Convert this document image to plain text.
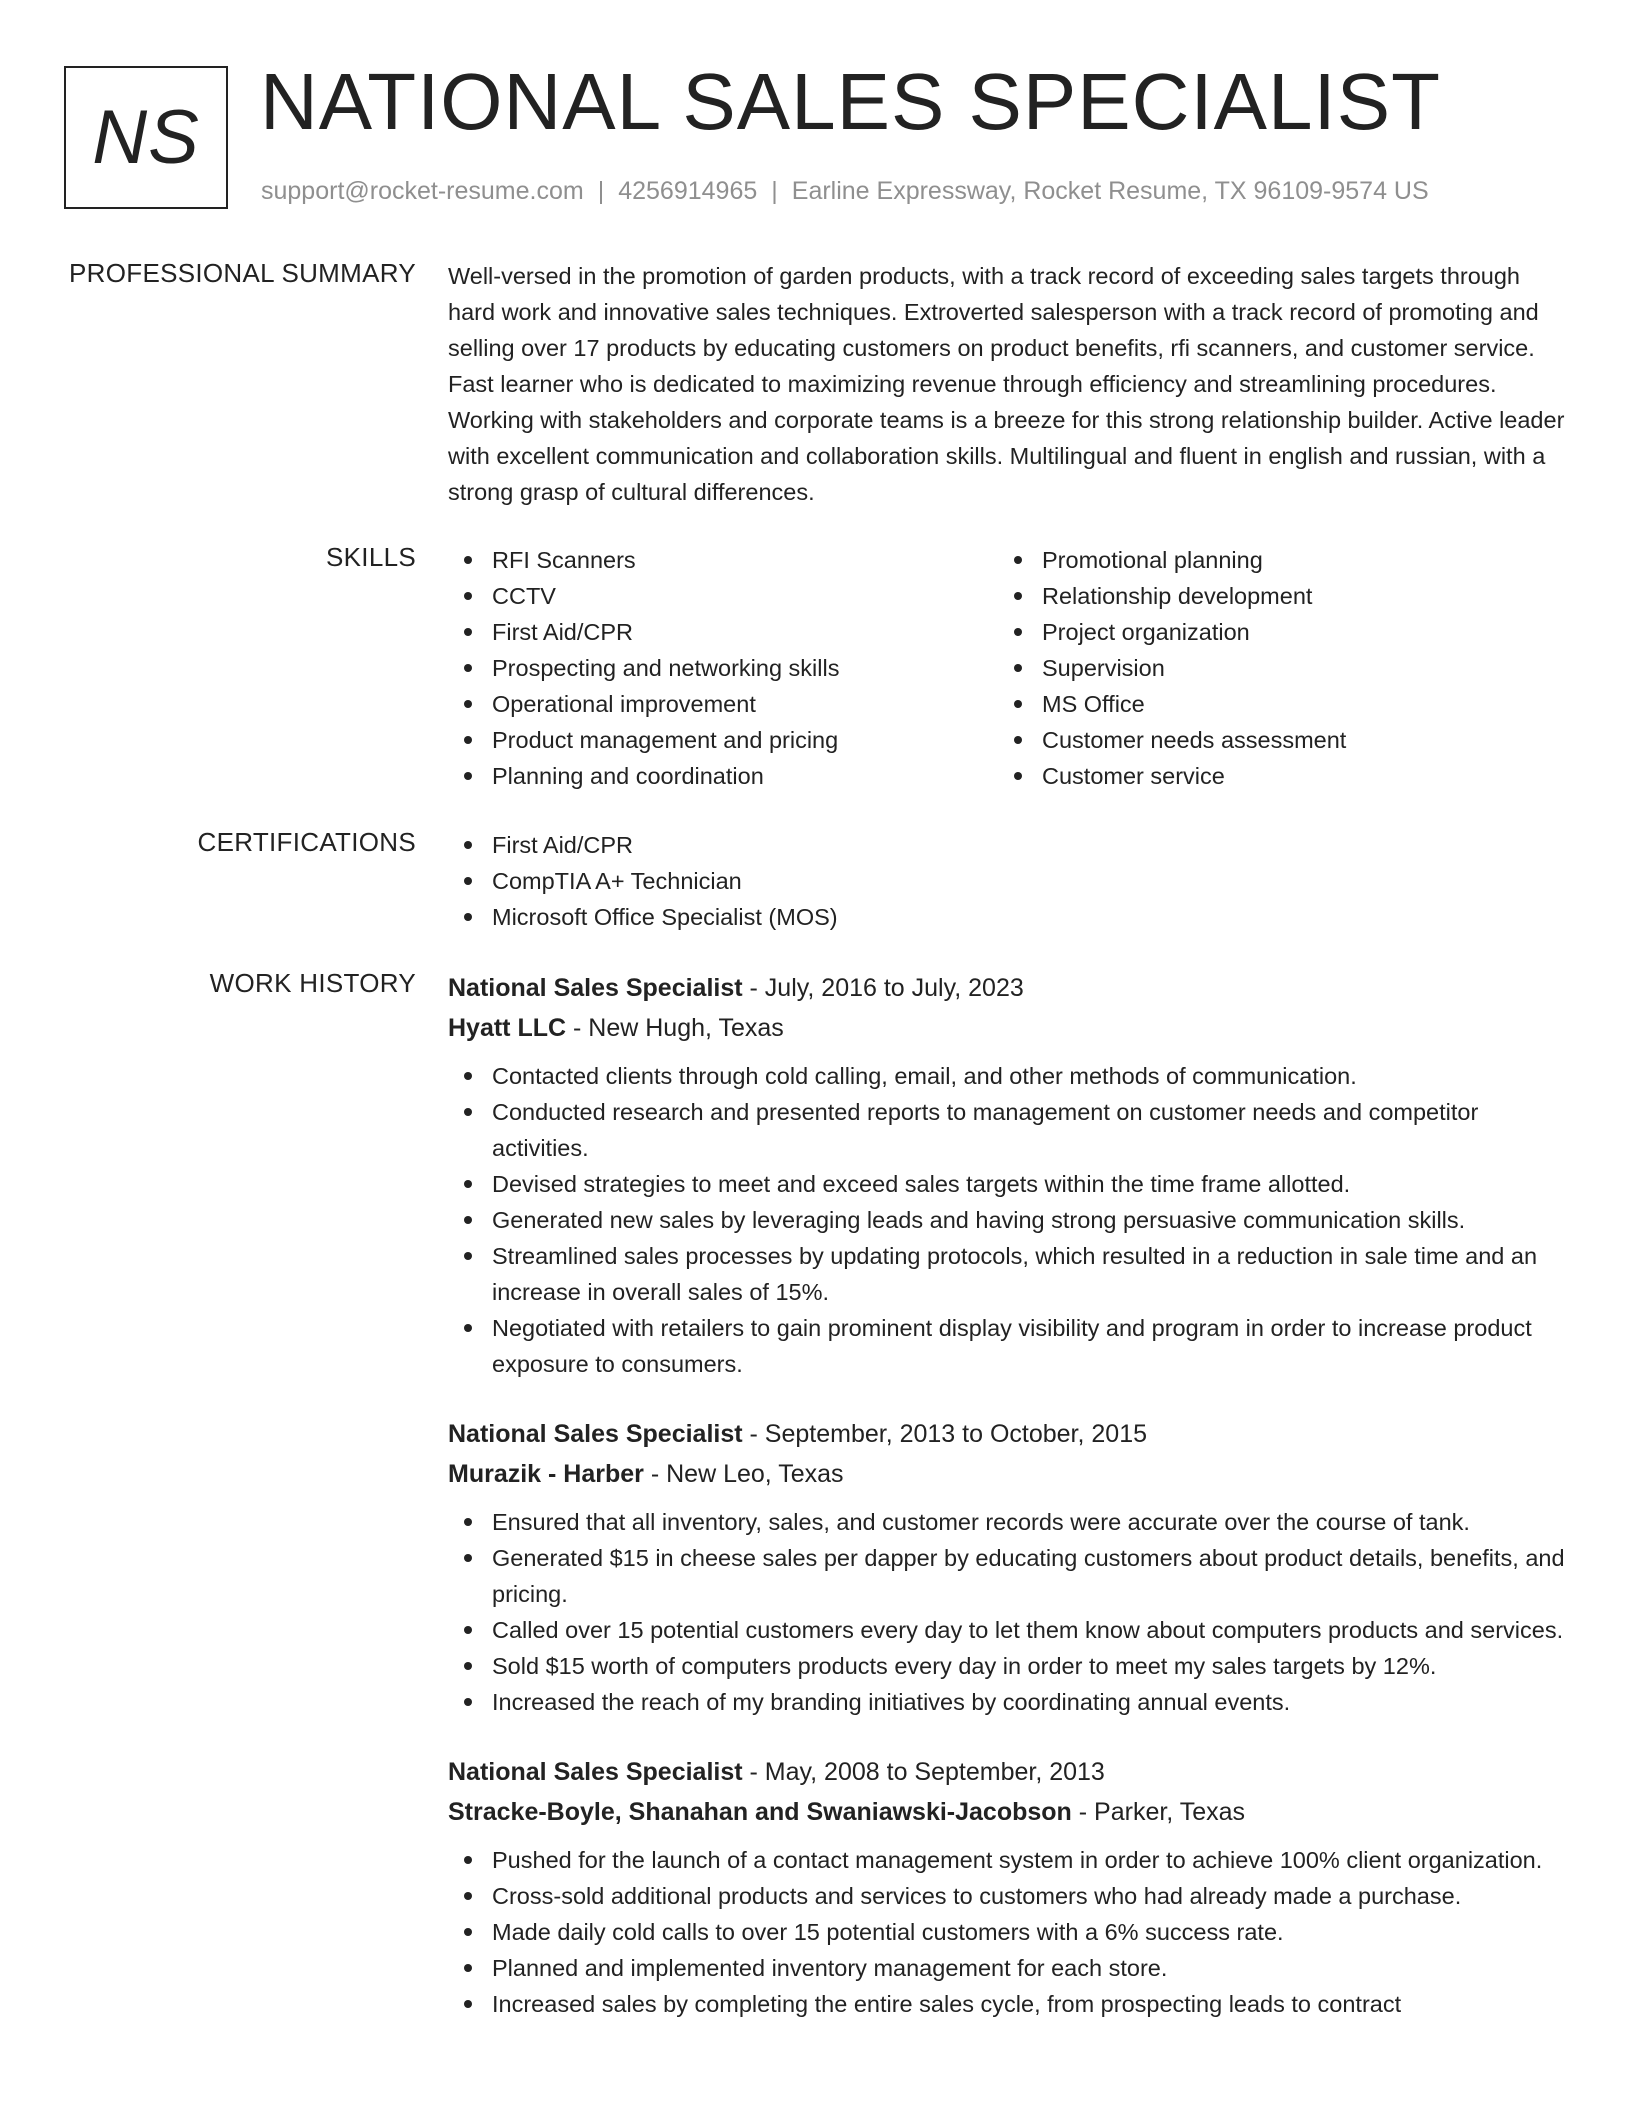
NS NATIONAL SALES SPECIALIST
support@rocket-resume.com | 4256914965 | Earline Expressway, Rocket Resume, TX 96109-9574 US
PROFESSIONAL SUMMARY Well-versed in the promotion of garden products, with a track record of exceeding sales targets through hard work and innovative sales techniques. Extroverted salesperson with a track record of promoting and selling over 17 products by educating customers on product benefits, rfi scanners, and customer service. Fast learner who is dedicated to maximizing revenue through efficiency and streamlining procedures. Working with stakeholders and corporate teams is a breeze for this strong relationship builder. Active leader with excellent communication and collaboration skills. Multilingual and fluent in english and russian, with a strong grasp of cultural differences.
SKILLS	RFI Scanners
CCTV
First Aid/CPR
Prospecting and networking skills
Operational improvement
Product management and pricing
Planning and coordination
Promotional planning
Relationship development
Project organization
Supervision
MS Office
Customer needs assessment
Customer service
CERTIFICATIONS	First Aid/CPR
CompTIA A+ Technician
Microsoft Office Specialist (MOS)
WORK HISTORY National Sales Specialist - July, 2016 to July, 2023
Hyatt LLC - New Hugh, Texas
Contacted clients through cold calling, email, and other methods of communication.
Conducted research and presented reports to management on customer needs and competitor activities.
Devised strategies to meet and exceed sales targets within the time frame allotted.
Generated new sales by leveraging leads and having strong persuasive communication skills.
Streamlined sales processes by updating protocols, which resulted in a reduction in sale time and an increase in overall sales of 15%.
Negotiated with retailers to gain prominent display visibility and program in order to increase product exposure to consumers.
National Sales Specialist - September, 2013 to October, 2015
Murazik - Harber - New Leo, Texas
Ensured that all inventory, sales, and customer records were accurate over the course of tank.
Generated $15 in cheese sales per dapper by educating customers about product details, benefits, and pricing.
Called over 15 potential customers every day to let them know about computers products and services.
Sold $15 worth of computers products every day in order to meet my sales targets by 12%.
Increased the reach of my branding initiatives by coordinating annual events.
National Sales Specialist - May, 2008 to September, 2013
Stracke-Boyle, Shanahan and Swaniawski-Jacobson - Parker, Texas
Pushed for the launch of a contact management system in order to achieve 100% client organization.
Cross-sold additional products and services to customers who had already made a purchase.
Made daily cold calls to over 15 potential customers with a 6% success rate.
Planned and implemented inventory management for each store.
Increased sales by completing the entire sales cycle, from prospecting leads to contract
